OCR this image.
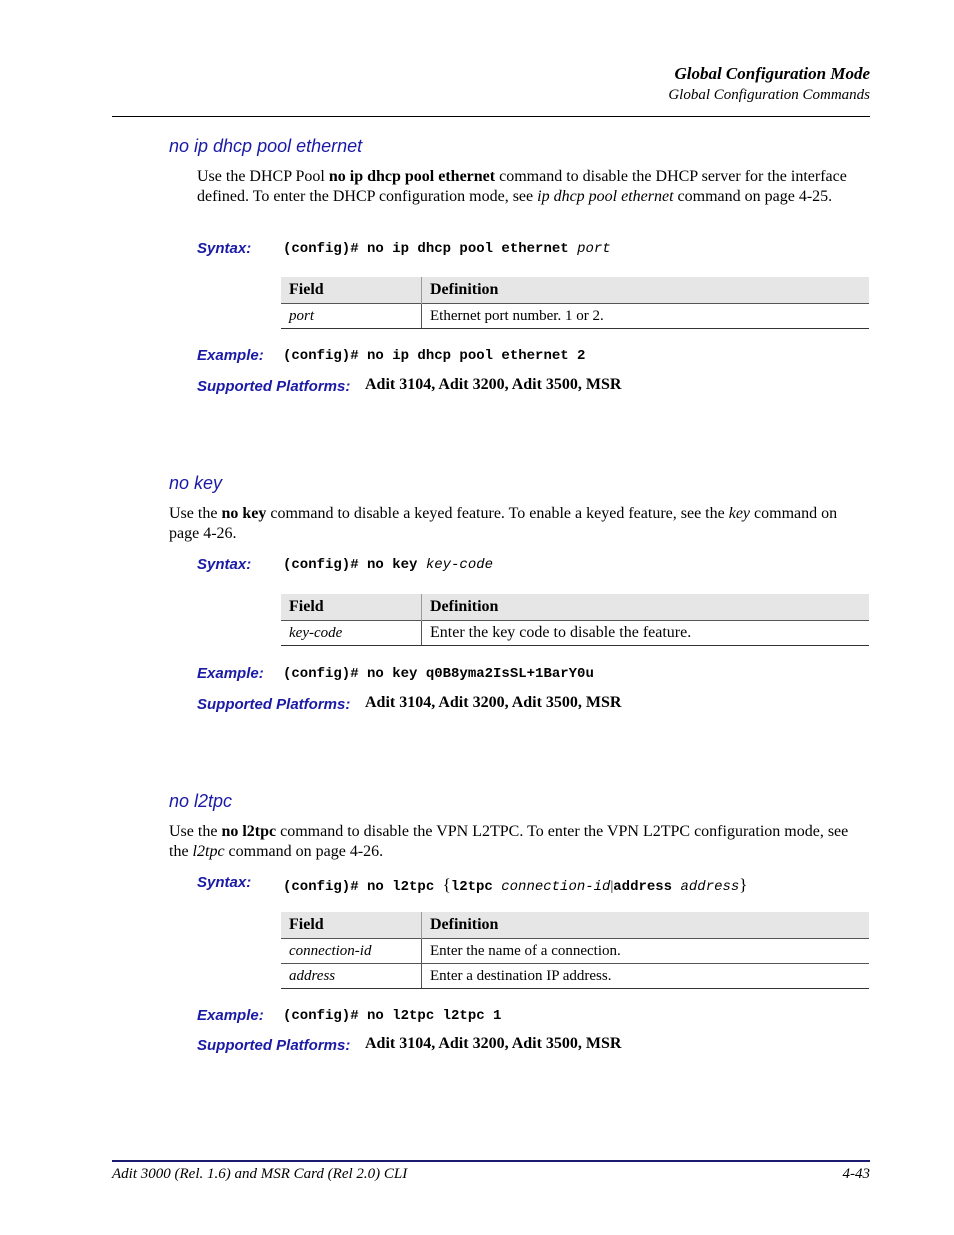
Global Configuration Mode
Global Configuration Commands
no ip dhcp pool ethernet
Use the DHCP Pool no ip dhcp pool ethernet command to disable the DHCP server for the interface defined. To enter the DHCP configuration mode, see ip dhcp pool ethernet command on page 4-25.
Syntax: (config)# no ip dhcp pool ethernet port
Field	Definition
port	Ethernet port number. 1 or 2.
Example: (config)# no ip dhcp pool ethernet 2
Supported Platforms: Adit 3104, Adit 3200, Adit 3500, MSR
no key
Use the no key command to disable a keyed feature. To enable a keyed feature, see the key command on page 4-26.
Syntax: (config)# no key key-code
Field	Definition
key-code	Enter the key code to disable the feature.
Example: (config)# no key q0B8yma2IsSL+1BarY0u
Supported Platforms: Adit 3104, Adit 3200, Adit 3500, MSR
no l2tpc
Use the no l2tpc command to disable the VPN L2TPC. To enter the VPN L2TPC configuration mode, see the l2tpc command on page 4-26.
Syntax: (config)# no l2tpc {l2tpc connection-id|address address}
Field	Definition
connection-id	Enter the name of a connection.
address	Enter a destination IP address.
Example: (config)# no l2tpc l2tpc 1
Supported Platforms: Adit 3104, Adit 3200, Adit 3500, MSR
Adit 3000 (Rel. 1.6) and MSR Card (Rel 2.0) CLI	4-43
